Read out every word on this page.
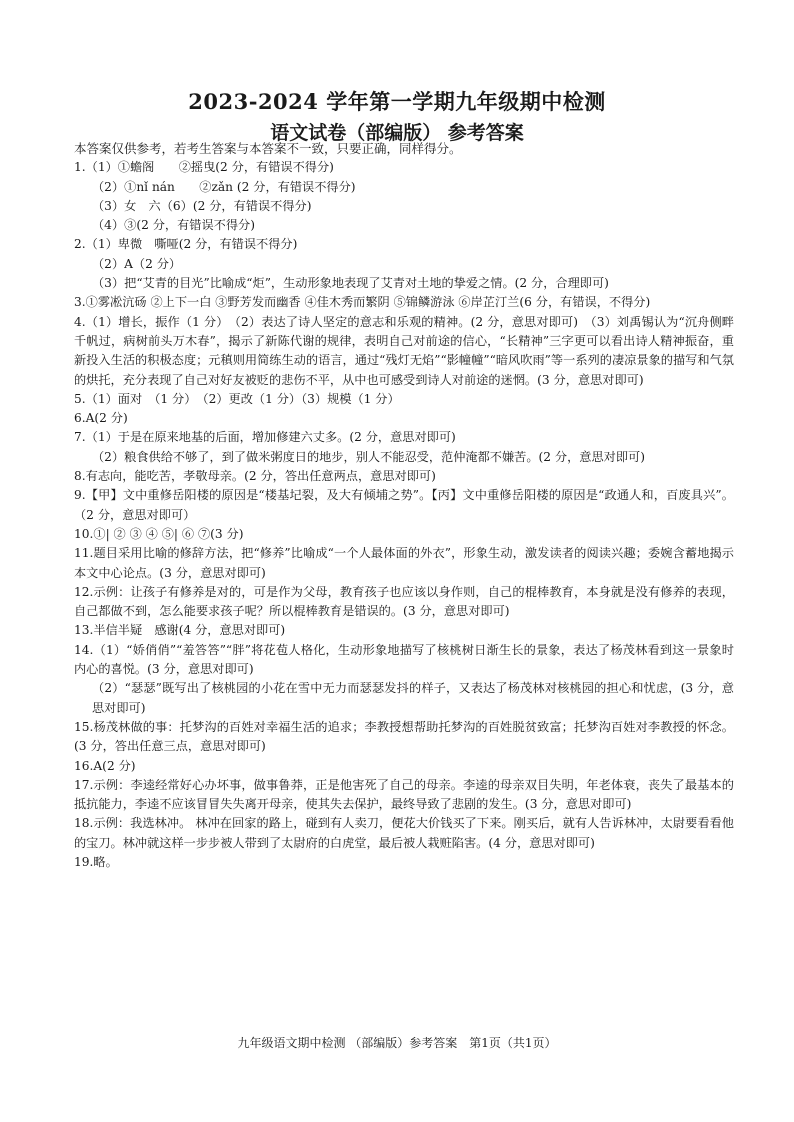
2023-2024 学年第一学期九年级期中检测
语文试卷（部编版） 参考答案
本答案仅供参考，若考生答案与本答案不一致，只要正确，同样得分。
1.（1）①蟾阁　　②摇曳(2 分，有错误不得分)
（2）①nǐ nán　　②zǎn (2 分，有错误不得分)
（3）女　六（6）(2 分，有错误不得分)
（4）③(2 分，有错误不得分)
2.（1）卑微　嘶哑(2 分，有错误不得分)
（2）A（2 分）
（3）把“艾青的目光”比喻成“炬”，生动形象地表现了艾青对土地的挚爱之情。(2 分，合理即可)
3.①雾凇沆砀 ②上下一白 ③野芳发而幽香 ④佳木秀而繁阴 ⑤锦鳞游泳 ⑥岸芷汀兰(6 分，有错误，不得分)
4.（1）增长，振作（1 分）　（2）表达了诗人坚定的意志和乐观的精神。(2 分，意思对即可)　（3）刘禹锡认为“沉舟侧畔千帆过，病树前头万木春”，揭示了新陈代谢的规律，表明自己对前途的信心，“长精神”三字更可以看出诗人精神振奋，重新投入生活的积极态度；元稹则用简练生动的语言，通过“残灯无焰”“影幢幢”“暗风吹雨”等一系列的凄凉景象的描写和气氛的烘托，充分表现了自己对好友被贬的悲伤不平，从中也可感受到诗人对前途的迷惘。(3 分，意思对即可)
5.（1）面对　（1 分）　（2）更改（1 分）（3）规模（1 分）
6.A(2 分)
7.（1）于是在原来地基的后面，增加修建六丈多。(2 分，意思对即可)
（2）粮食供给不够了，到了做米粥度日的地步，别人不能忍受，范仲淹都不嫌苦。(2 分，意思对即可)
8.有志向，能吃苦，孝敬母亲。(2 分，答出任意两点，意思对即可)
9.【甲】文中重修岳阳楼的原因是“楼基圮裂，及大有倾埔之势”。【丙】文中重修岳阳楼的原因是“政通人和，百废具兴”。（2 分，意思对即可）
10.①| ② ③ ④ ⑤| ⑥ ⑦(3 分)
11.题目采用比喻的修辞方法，把“修养”比喻成“一个人最体面的外衣”，形象生动，激发读者的阅读兴趣；委婉含蓄地揭示本文中心论点。(3 分，意思对即可)
12.示例：让孩子有修养是对的，可是作为父母，教育孩子也应该以身作则，自己的棍棒教育，本身就是没有修养的表现，自己都做不到，怎么能要求孩子呢？所以棍棒教育是错误的。(3 分，意思对即可)
13.半信半疑　感谢(4 分，意思对即可)
14.（1）“娇俏俏”“羞答答”“胖”将花苞人格化，生动形象地描写了核桃树日渐生长的景象，表达了杨茂林看到这一景象时内心的喜悦。(3 分，意思对即可)
（2）“瑟瑟”既写出了核桃园的小花在雪中无力而瑟瑟发抖的样子，又表达了杨茂林对核桃园的担心和忧虑，(3 分，意思对即可)
15.杨茂林做的事：托梦沟的百姓对幸福生活的追求；李教授想帮助托梦沟的百姓脱贫致富；托梦沟百姓对李教授的怀念。(3 分，答出任意三点，意思对即可)
16.A(2 分)
17.示例：李逵经常好心办坏事，做事鲁莽，正是他害死了自己的母亲。李逵的母亲双目失明，年老体衰，丧失了最基本的抵抗能力，李逵不应该冒冒失失离开母亲，使其失去保护，最终导致了悲剧的发生。(3 分，意思对即可)
18.示例：我选林冲。 林冲在回家的路上，碰到有人卖刀，便花大价钱买了下来。刚买后，就有人告诉林冲，太尉要看看他的宝刀。林冲就这样一步步被人带到了太尉府的白虎堂，最后被人栽赃陷害。(4 分，意思对即可)
19.略。
九年级语文期中检测 （部编版）参考答案　第1页（共1页）
